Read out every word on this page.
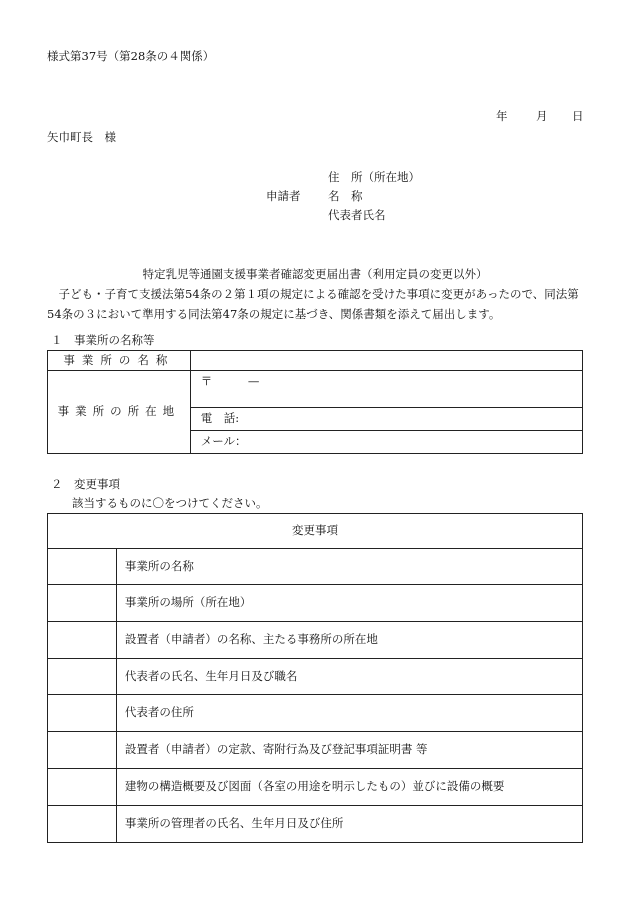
様式第37号（第28条の４関係）
年 月 日
矢巾町長　様
住　所（所在地）
申請者 名　称
代表者氏名
特定乳児等通園支援事業者確認変更届出書（利用定員の変更以外）
　子ども・子育て支援法第54条の２第１項の規定による確認を受けた事項に変更があったので、同法第54条の３において準用する同法第47条の規定に基づき、関係書類を添えて届出します。
１　事業所の名称等
事業所の名称	
事業所の所在地	〒 —
	電　話:
	メール：
２　変更事項
該当するものに〇をつけてください。
変更事項	
	事業所の名称
	事業所の場所（所在地）
	設置者（申請者）の名称、主たる事務所の所在地
	代表者の氏名、生年月日及び職名
	代表者の住所
	設置者（申請者）の定款、寄附行為及び登記事項証明書 等
	建物の構造概要及び図面（各室の用途を明示したもの）並びに設備の概要
	事業所の管理者の氏名、生年月日及び住所
